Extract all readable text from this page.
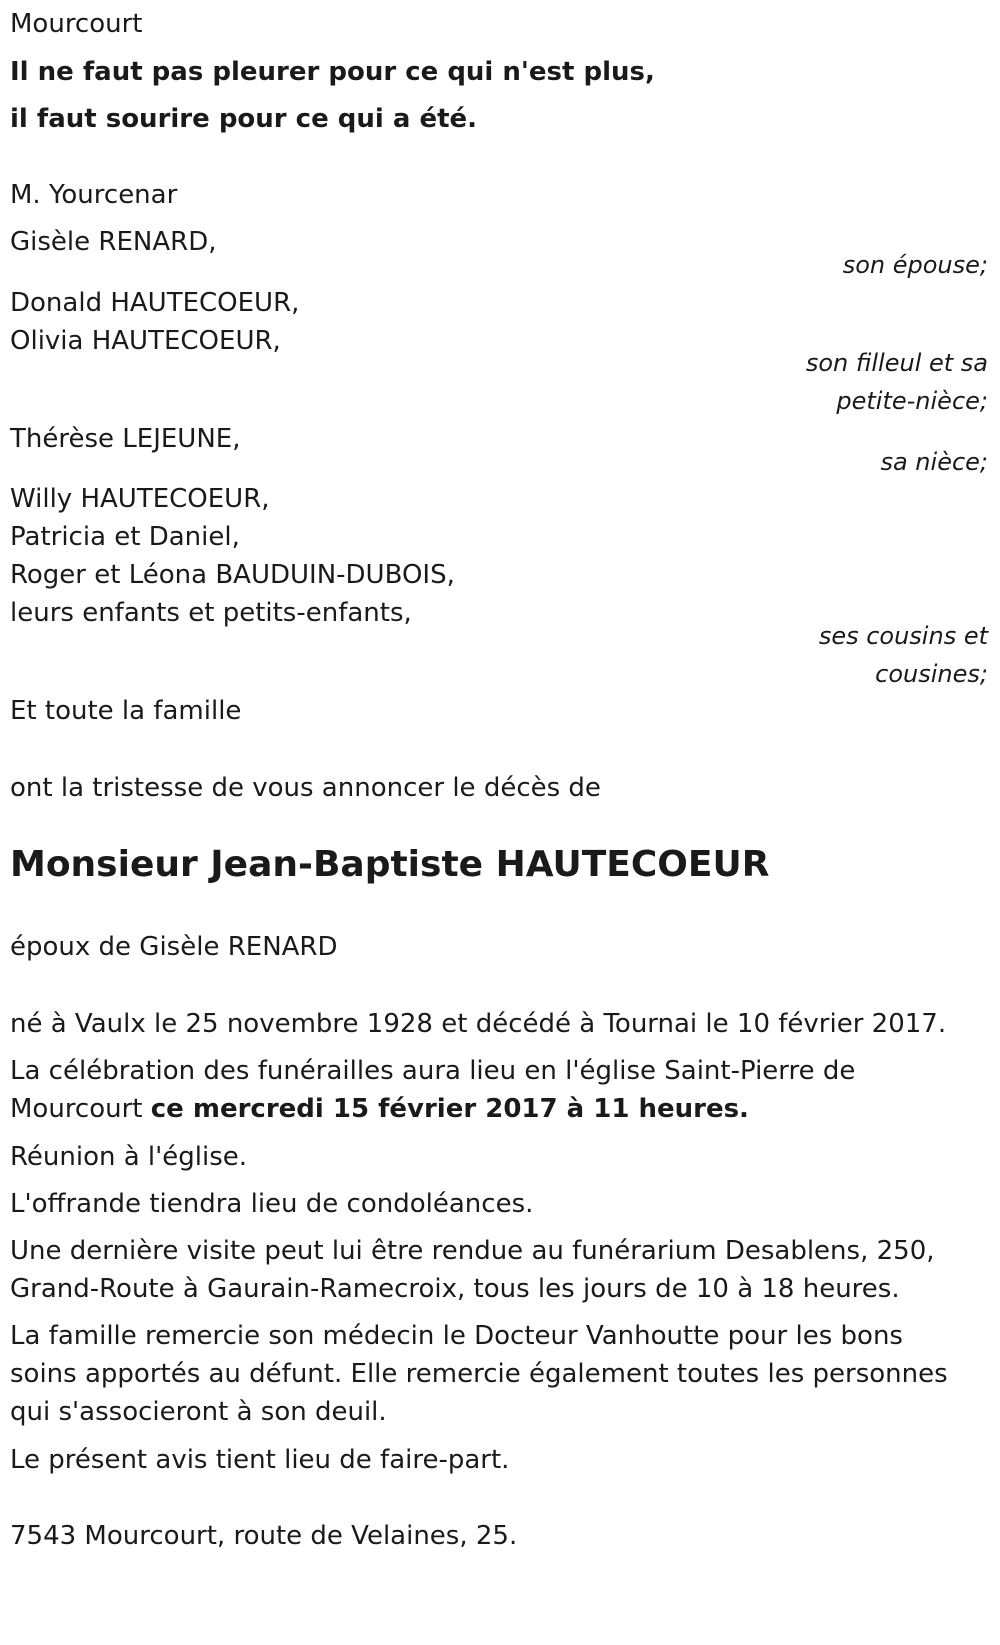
Mourcourt
Il ne faut pas pleurer pour ce qui n'est plus,
il faut sourire pour ce qui a été.
M. Yourcenar
Gisèle RENARD,
son épouse;
Donald HAUTECOEUR,
Olivia HAUTECOEUR,
son filleul et sa
petite-nièce;
Thérèse LEJEUNE,
sa nièce;
Willy HAUTECOEUR,
Patricia et Daniel,
Roger et Léona BAUDUIN-DUBOIS,
leurs enfants et petits-enfants,
ses cousins et
cousines;
Et toute la famille
ont la tristesse de vous annoncer le décès de
Monsieur Jean-Baptiste HAUTECOEUR
époux de Gisèle RENARD
né à Vaulx le 25 novembre 1928 et décédé à Tournai le 10 février 2017.
La célébration des funérailles aura lieu en l'église Saint-Pierre de
Mourcourt ce mercredi 15 février 2017 à 11 heures.
Réunion à l'église.
L'offrande tiendra lieu de condoléances.
Une dernière visite peut lui être rendue au funérarium Desablens, 250,
Grand-Route à Gaurain-Ramecroix, tous les jours de 10 à 18 heures.
La famille remercie son médecin le Docteur Vanhoutte pour les bons
soins apportés au défunt. Elle remercie également toutes les personnes
qui s'associeront à son deuil.
Le présent avis tient lieu de faire-part.
7543 Mourcourt, route de Velaines, 25.
